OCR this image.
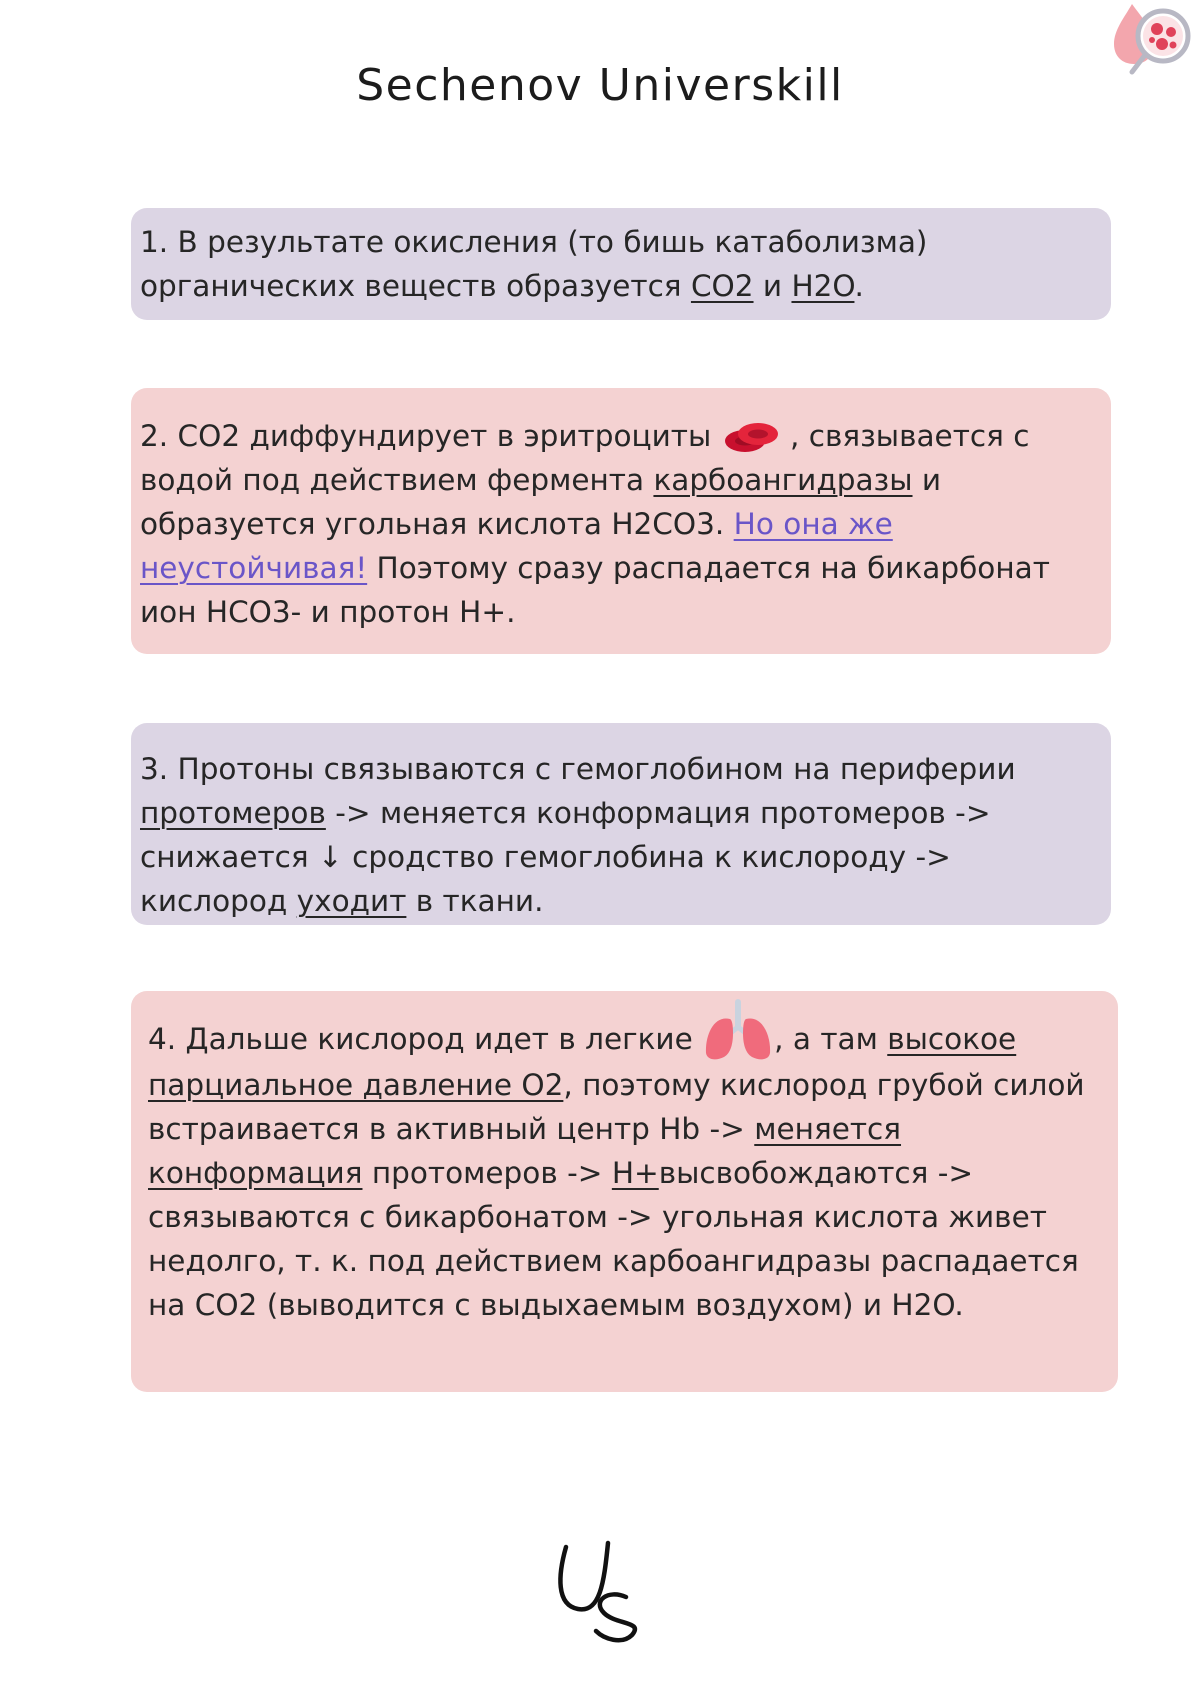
Sechenov Universkill

1. В результате окисления (то бишь катаболизма) органических веществ образуется CO2 и H2O.

2. CO2 диффундирует в эритроциты  , связывается с водой под действием фермента карбоангидразы и образуется угольная кислота H2CO3. Но она же неустойчивая! Поэтому сразу распадается на бикарбонат ион HCO3- и протон H+.

3. Протоны связываются с гемоглобином на периферии протомеров -> меняется конформация протомеров -> снижается ↓ сродство гемоглобина к кислороду -> кислород уходит в ткани.

4. Дальше кислород идет в легкие , а там высокое парциальное давление O2, поэтому кислород грубой силой встраивается в активный центр Hb -> меняется конформация протомеров -> H+высвобождаются -> связываются с бикарбонатом -> угольная кислота живет недолго, т. к. под действием карбоангидразы распадается на CO2 (выводится с выдыхаемым воздухом) и H2O.
